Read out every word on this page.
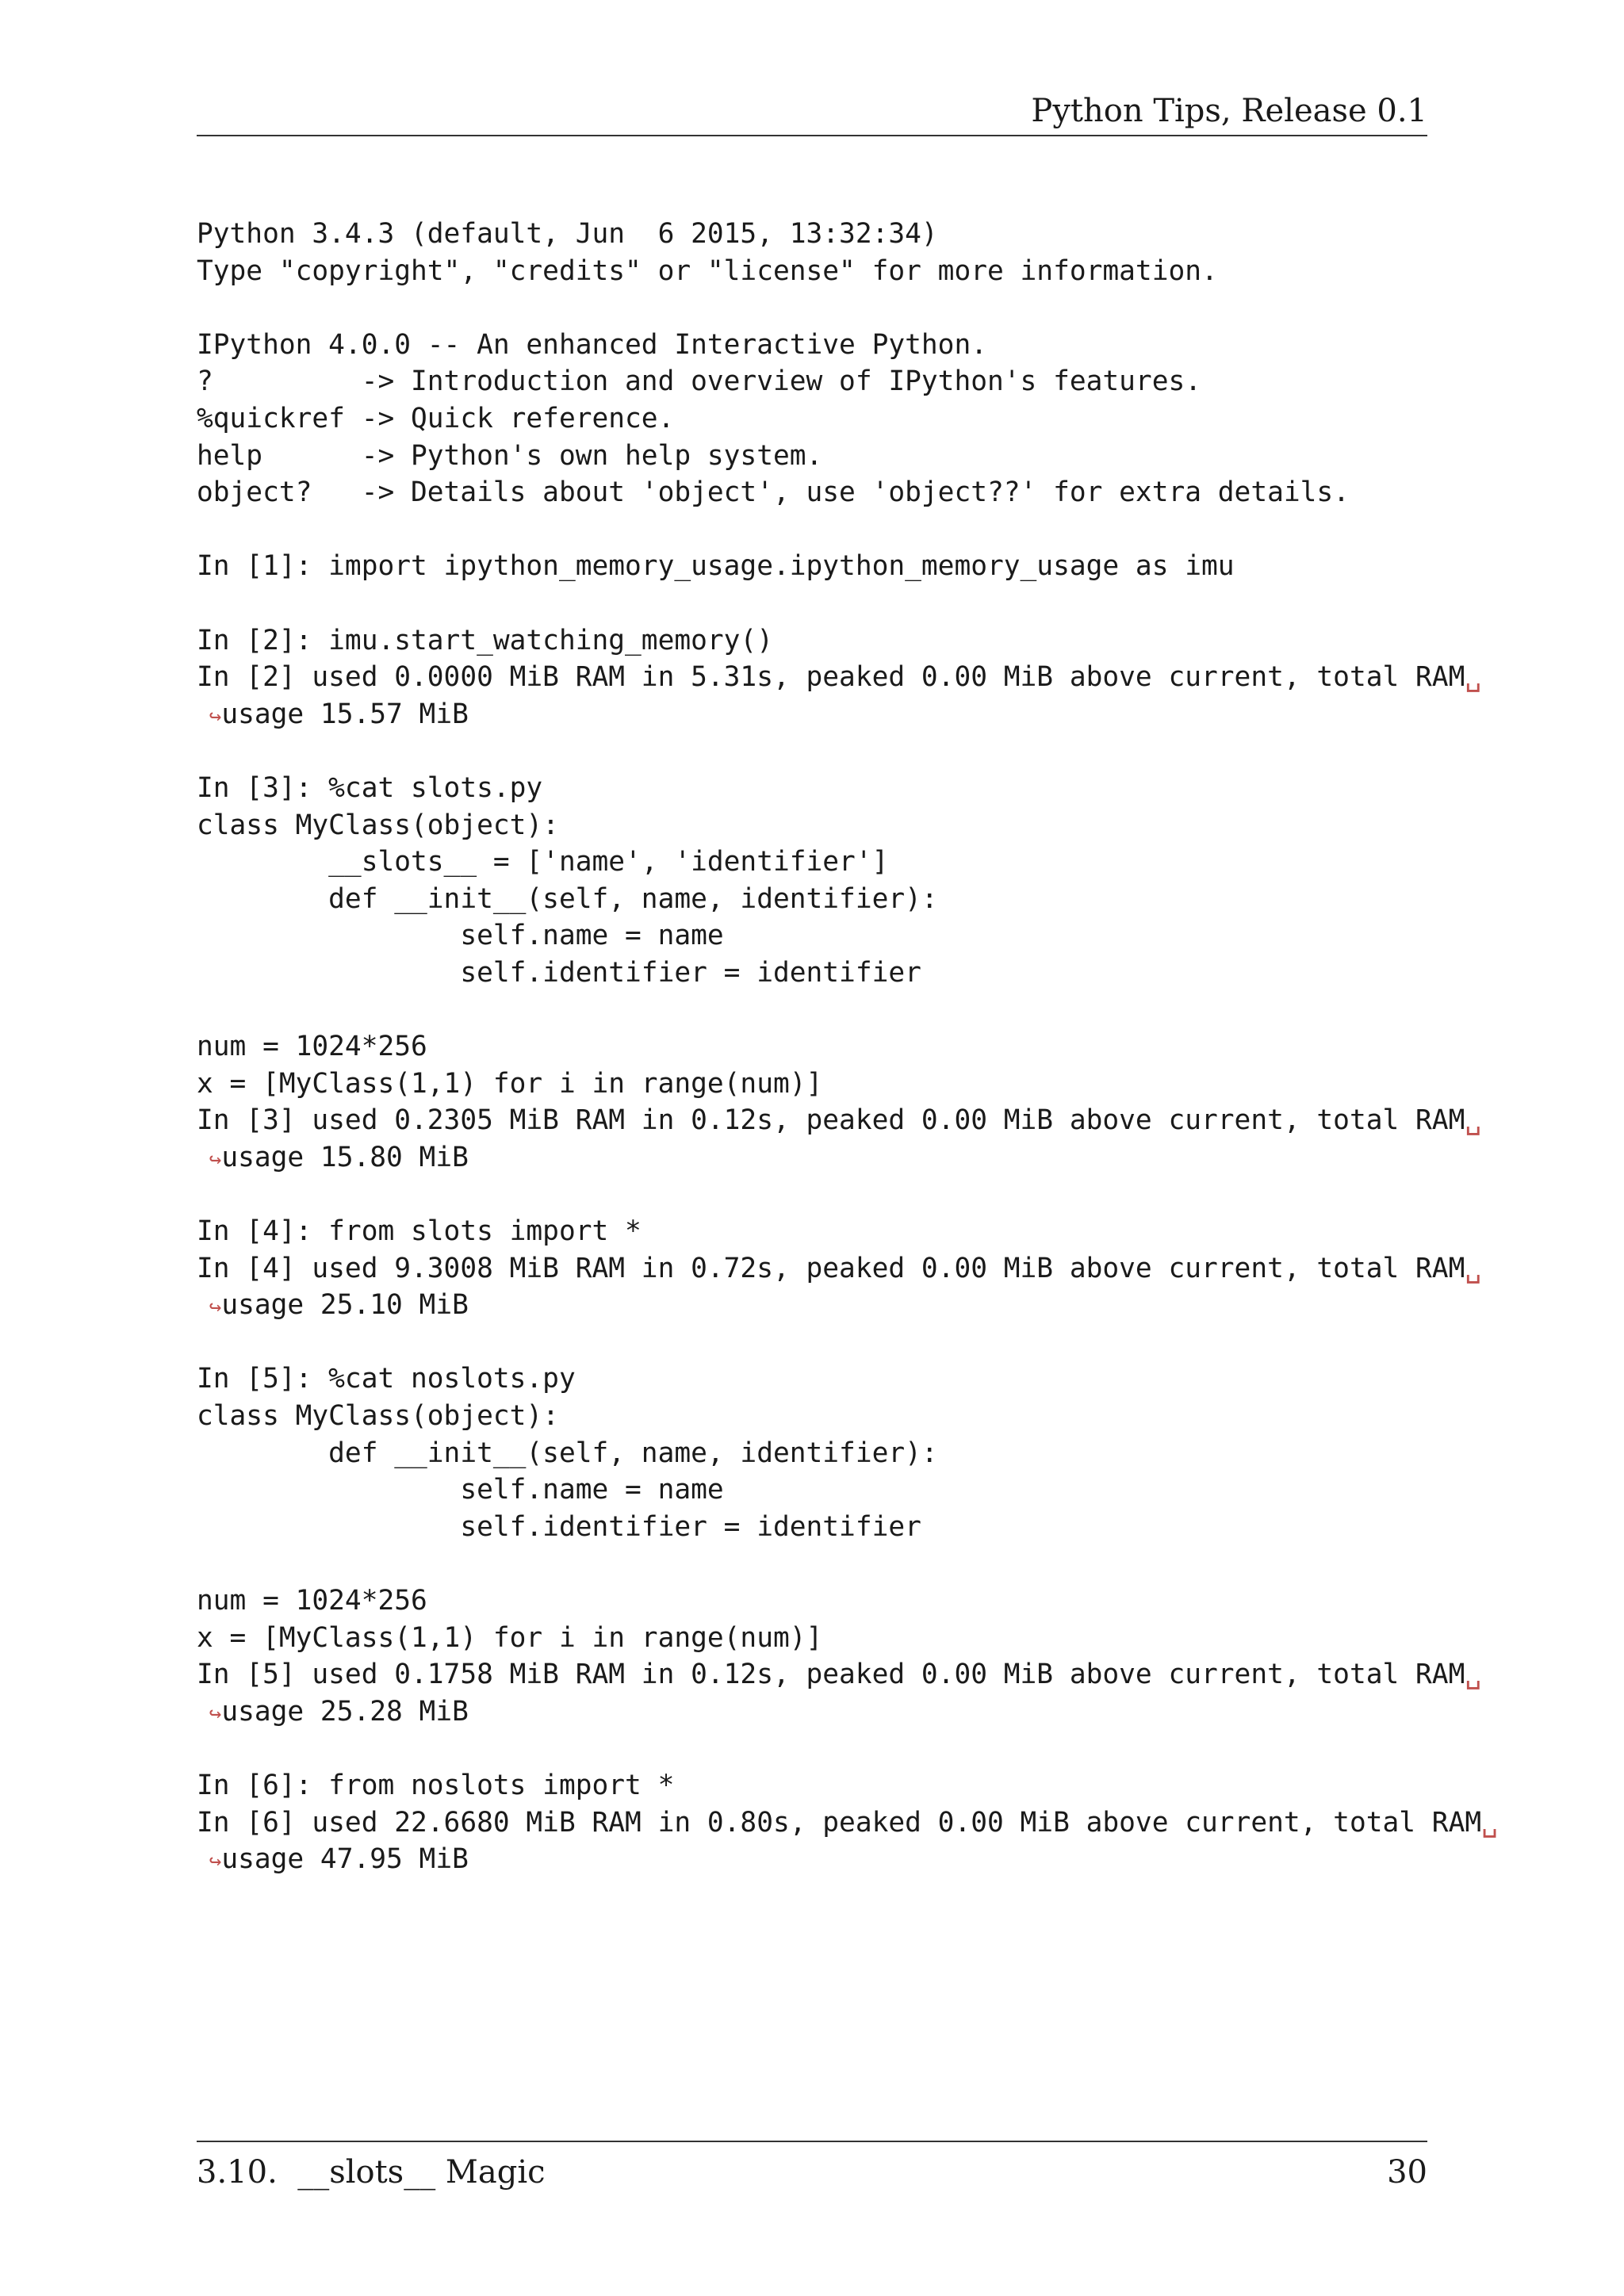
Python Tips, Release 0.1
Python 3.4.3 (default, Jun  6 2015, 13:32:34)
Type "copyright", "credits" or "license" for more information.
IPython 4.0.0 -- An enhanced Interactive Python.
?         -> Introduction and overview of IPython's features.
%quickref -> Quick reference.
help      -> Python's own help system.
object?   -> Details about 'object', use 'object??' for extra details.
In [1]: import ipython_memory_usage.ipython_memory_usage as imu
In [2]: imu.start_watching_memory()
In [2] used 0.0000 MiB RAM in 5.31s, peaked 0.00 MiB above current, total RAM␣
↪usage 15.57 MiB
In [3]: %cat slots.py
class MyClass(object):
__slots__ = ['name', 'identifier']
def __init__(self, name, identifier):
self.name = name
self.identifier = identifier
num = 1024*256
x = [MyClass(1,1) for i in range(num)]
In [3] used 0.2305 MiB RAM in 0.12s, peaked 0.00 MiB above current, total RAM␣
↪usage 15.80 MiB
In [4]: from slots import *
In [4] used 9.3008 MiB RAM in 0.72s, peaked 0.00 MiB above current, total RAM␣
↪usage 25.10 MiB
In [5]: %cat noslots.py
class MyClass(object):
def __init__(self, name, identifier):
self.name = name
self.identifier = identifier
num = 1024*256
x = [MyClass(1,1) for i in range(num)]
In [5] used 0.1758 MiB RAM in 0.12s, peaked 0.00 MiB above current, total RAM␣
↪usage 25.28 MiB
In [6]: from noslots import *
In [6] used 22.6680 MiB RAM in 0.80s, peaked 0.00 MiB above current, total RAM␣
↪usage 47.95 MiB
3.10.  __slots__ Magic	30
